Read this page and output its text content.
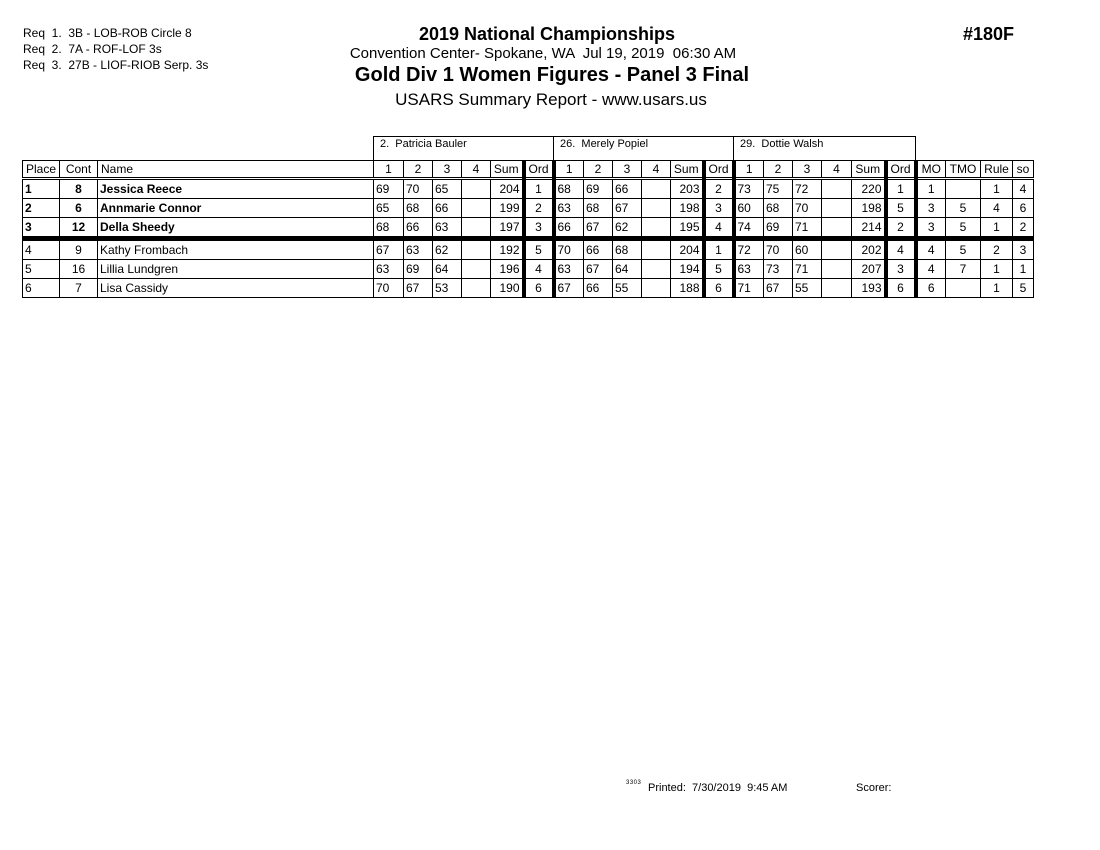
Req  1.  3B - LOB-ROB Circle 8
Req  2.  7A - ROF-LOF 3s
Req  3.  27B - LIOF-RIOB Serp. 3s
2019 National Championships
Convention Center- Spokane, WA  Jul 19, 2019  06:30 AM
Gold Div 1 Women Figures - Panel 3 Final
USARS Summary Report - www.usars.us
#180F
2.  Patricia Bauler	26.  Merely Popiel	29.  Dottie Walsh
Place	Cont	Name	1	2	3	4	Sum	Ord	1	2	3	4	Sum	Ord	1	2	3	4	Sum	Ord	MO	TMO	Rule	so
1	8	Jessica Reece	69	70	65		204	1	68	69	66		203	2	73	75	72		220	1	1		1	4
2	6	Annmarie Connor	65	68	66		199	2	63	68	67		198	3	60	68	70		198	5	3	5	4	6
3	12	Della Sheedy	68	66	63		197	3	66	67	62		195	4	74	69	71		214	2	3	5	1	2
4	9	Kathy Frombach	67	63	62		192	5	70	66	68		204	1	72	70	60		202	4	4	5	2	3
5	16	Lillia Lundgren	63	69	64		196	4	63	67	64		194	5	63	73	71		207	3	4	7	1	1
6	7	Lisa Cassidy	70	67	53		190	6	67	66	55		188	6	71	67	55		193	6	6		1	5
3303 Printed:  7/30/2019  9:45 AM	Scorer:
